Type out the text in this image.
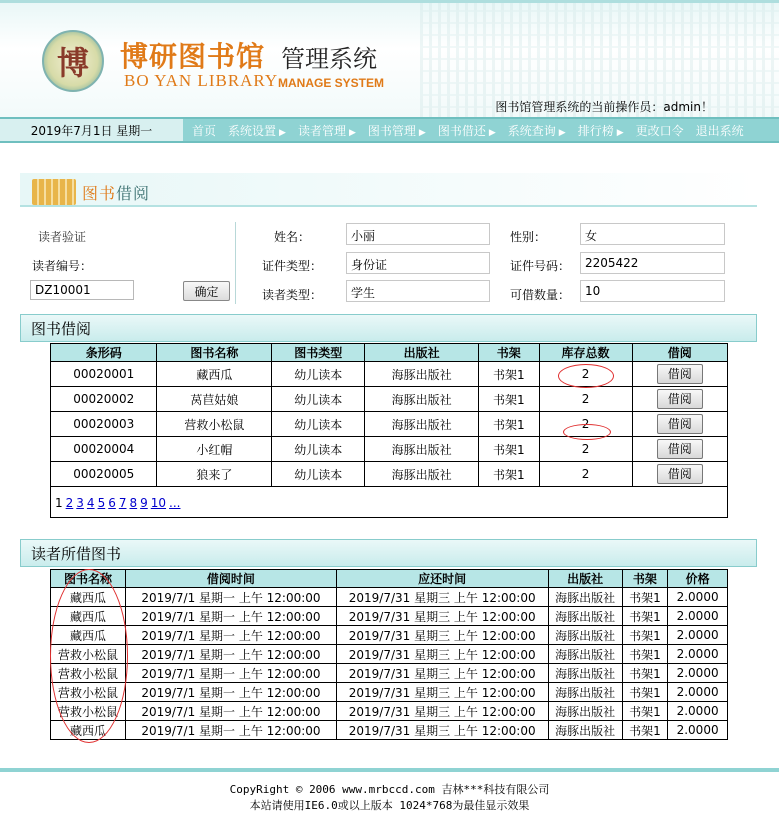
博 博研图书馆 管理系统
BO YAN LIBRARY MANAGE SYSTEM
图书馆管理系统的当前操作员：admin！
2019年7月1日 星期一	首页 系统设置 ▶ 读者管理 ▶ 图书管理 ▶ 图书借还 ▶ 系统查询 ▶ 排行榜 ▶ 更改口令 退出系统
图书借阅
读者验证
读者编号：
DZ10001
确定
姓名：	小丽	性别：	女
证件类型：	身份证	证件号码：	2205422
读者类型：	学生	可借数量：	10
图书借阅
条形码	图书名称	图书类型	出版社	书架	库存总数	借阅
00020001	藏西瓜	幼儿读本	海豚出版社	书架1	2	借阅
00020002	莴苣姑娘	幼儿读本	海豚出版社	书架1	2	借阅
00020003	营救小松鼠	幼儿读本	海豚出版社	书架1	2	借阅
00020004	小红帽	幼儿读本	海豚出版社	书架1	2	借阅
00020005	狼来了	幼儿读本	海豚出版社	书架1	2	借阅
1 2 3 4 5 6 7 8 9 10 ...
读者所借图书
图书名称	借阅时间	应还时间	出版社	书架	价格
藏西瓜	2019/7/1 星期一 上午 12:00:00	2019/7/31 星期三 上午 12:00:00	海豚出版社	书架1	2.0000
藏西瓜	2019/7/1 星期一 上午 12:00:00	2019/7/31 星期三 上午 12:00:00	海豚出版社	书架1	2.0000
藏西瓜	2019/7/1 星期一 上午 12:00:00	2019/7/31 星期三 上午 12:00:00	海豚出版社	书架1	2.0000
营救小松鼠	2019/7/1 星期一 上午 12:00:00	2019/7/31 星期三 上午 12:00:00	海豚出版社	书架1	2.0000
营救小松鼠	2019/7/1 星期一 上午 12:00:00	2019/7/31 星期三 上午 12:00:00	海豚出版社	书架1	2.0000
营救小松鼠	2019/7/1 星期一 上午 12:00:00	2019/7/31 星期三 上午 12:00:00	海豚出版社	书架1	2.0000
营救小松鼠	2019/7/1 星期一 上午 12:00:00	2019/7/31 星期三 上午 12:00:00	海豚出版社	书架1	2.0000
藏西瓜	2019/7/1 星期一 上午 12:00:00	2019/7/31 星期三 上午 12:00:00	海豚出版社	书架1	2.0000
CopyRight © 2006 www.mrbccd.com 吉林***科技有限公司
本站请使用IE6.0或以上版本 1024*768为最佳显示效果
